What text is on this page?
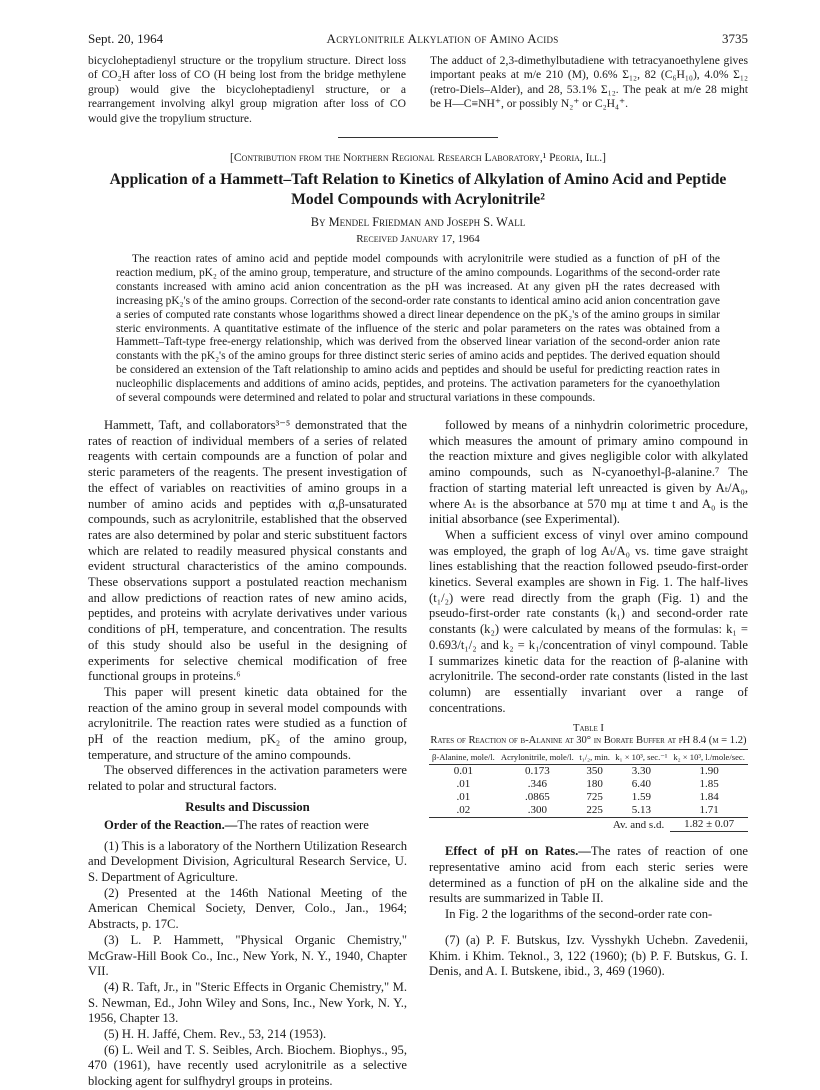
Sept. 20, 1964	Acrylonitrile Alkylation of Amino Acids	3735

bicycloheptadienyl structure or the tropylium structure. Direct loss of CO₂H after loss of CO (H being lost from the bridge methylene group) would give the bicycloheptadienyl structure, or a rearrangement involving alkyl group migration after loss of CO would give the tropylium structure.

The adduct of 2,3-dimethylbutadiene with tetracyanoethylene gives important peaks at m/e 210 (M), 0.6% Σ₁₂, 82 (C₆H₁₀), 4.0% Σ₁₂ (retro-Diels–Alder), and 28, 53.1% Σ₁₂. The peak at m/e 28 might be H—C≡NH⁺, or possibly N₂⁺ or C₂H₄⁺.

[Contribution from the Northern Regional Research Laboratory,¹ Peoria, Ill.]
Application of a Hammett–Taft Relation to Kinetics of Alkylation of Amino Acid and Peptide Model Compounds with Acrylonitrile²
By Mendel Friedman and Joseph S. Wall
Received January 17, 1964

The reaction rates of amino acid and peptide model compounds with acrylonitrile were studied as a function of pH of the reaction medium, pK₂ of the amino group, temperature, and structure of the amino compounds. Logarithms of the second-order rate constants increased with amino acid anion concentration as the pH was increased. At any given pH the rates decreased with increasing pK₂'s of the amino groups. Correction of the second-order rate constants to identical amino acid anion concentration gave a series of computed rate constants whose logarithms showed a direct linear dependence on the pK₂'s of the amino groups in similar steric environments. A quantitative estimate of the influence of the steric and polar parameters on the rates was obtained from a Hammett–Taft-type free-energy relationship, which was derived from the observed linear variation of the second-order anion rate constants with the pK₂'s of the amino groups for three distinct steric series of amino acids and peptides. The derived equation should be considered an extension of the Taft relationship to amino acids and peptides and should be useful for predicting reaction rates in nucleophilic displacements and additions of amino acids, peptides, and proteins. The activation parameters for the cyanoethylation of several compounds were determined and related to polar and structural variations in these compounds.

Hammett, Taft, and collaborators³⁻⁵ demonstrated that the rates of reaction of individual members of a series of related reagents with certain compounds are a function of polar and steric parameters of the reagents. The present investigation of the effect of variables on reactivities of amino groups in a number of amino acids and peptides with α,β-unsaturated compounds, such as acrylonitrile, established that the observed rates are also determined by polar and steric substituent factors which are related to readily measured physical constants and evident structural characteristics of the amino compounds. These observations support a postulated reaction mechanism and allow predictions of reaction rates of new amino acids, peptides, and proteins with acrylate derivatives under various conditions of pH, temperature, and concentration. The results of this study should also be useful in the designing of experiments for selective chemical modification of free functional groups in proteins.⁶

This paper will present kinetic data obtained for the reaction of the amino group in several model compounds with acrylonitrile. The reaction rates were studied as a function of pH of the reaction medium, pK₂ of the amino group, temperature, and structure of the amino compounds.

The observed differences in the activation parameters were related to polar and structural factors.

Results and Discussion

Order of the Reaction.—The rates of reaction were

(1) This is a laboratory of the Northern Utilization Research and Development Division, Agricultural Research Service, U. S. Department of Agriculture.

(2) Presented at the 146th National Meeting of the American Chemical Society, Denver, Colo., Jan., 1964; Abstracts, p. 17C.

(3) L. P. Hammett, "Physical Organic Chemistry," McGraw-Hill Book Co., Inc., New York, N. Y., 1940, Chapter VII.

(4) R. Taft, Jr., in "Steric Effects in Organic Chemistry," M. S. Newman, Ed., John Wiley and Sons, Inc., New York, N. Y., 1956, Chapter 13.

(5) H. H. Jaffé, Chem. Rev., 53, 214 (1953).

(6) L. Weil and T. S. Seibles, Arch. Biochem. Biophys., 95, 470 (1961), have recently used acrylonitrile as a selective blocking agent for sulfhydryl groups in proteins.

followed by means of a ninhydrin colorimetric procedure, which measures the amount of primary amino compound in the reaction mixture and gives negligible color with alkylated amino compounds, such as N-cyanoethyl-β-alanine.⁷ The fraction of starting material left unreacted is given by Aₜ/A₀, where Aₜ is the absorbance at 570 mμ at time t and A₀ is the initial absorbance (see Experimental).

When a sufficient excess of vinyl over amino compound was employed, the graph of log Aₜ/A₀ vs. time gave straight lines establishing that the reaction followed pseudo-first-order kinetics. Several examples are shown in Fig. 1. The half-lives (t₁/₂) were read directly from the graph (Fig. 1) and the pseudo-first-order rate constants (k₁) and second-order rate constants (k₂) were calculated by means of the formulas: k₁ = 0.693/t₁/₂ and k₂ = k₁/concentration of vinyl compound. Table I summarizes kinetic data for the reaction of β-alanine with acrylonitrile. The second-order rate constants (listed in the last column) are essentially invariant over a range of concentrations.

Table I
Rates of Reaction of β-Alanine at 30° in Borate Buffer at pH 8.4 (μ = 1.2)
β-Alanine, mole/l.	Acrylonitrile, mole/l.	t₁/₂, min.	k₁ × 10³, sec.⁻¹	k₂ × 10³, l./mole/sec.
0.01	0.173	350	3.30	1.90
.01	.346	180	6.40	1.85
.01	.0865	725	1.59	1.84
.02	.300	225	5.13	1.71
Av. and s.d.				1.82 ± 0.07

Effect of pH on Rates.—The rates of reaction of one representative amino acid from each steric series were determined as a function of pH on the alkaline side and the results are summarized in Table II.

In Fig. 2 the logarithms of the second-order rate con-

(7) (a) P. F. Butskus, Izv. Vysshykh Uchebn. Zavedenii, Khim. i Khim. Teknol., 3, 122 (1960); (b) P. F. Butskus, G. I. Denis, and A. I. Butskene, ibid., 3, 469 (1960).
